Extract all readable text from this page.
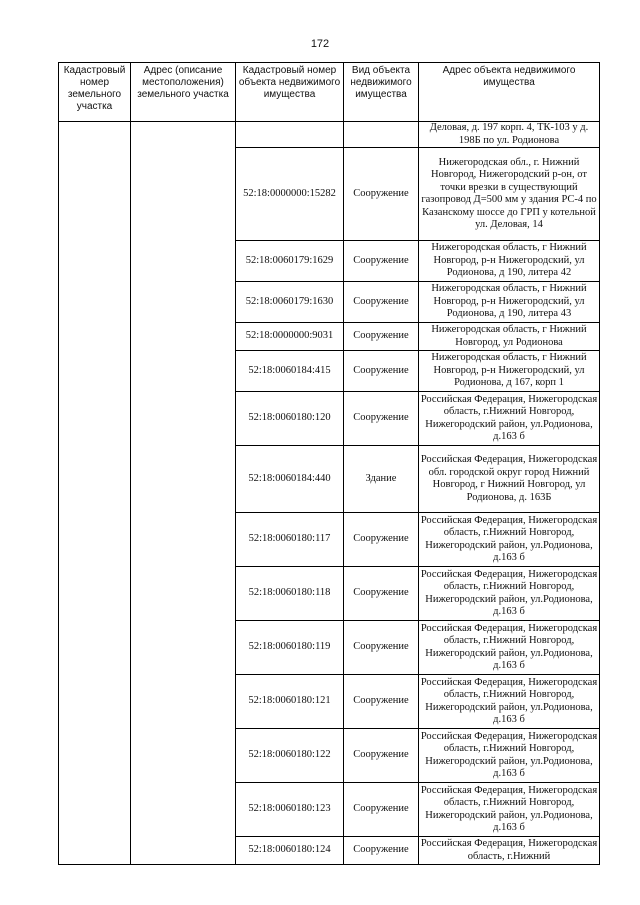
172
Кадастровый номер земельного участка	Адрес (описание местоположения) земельного участка	Кадастровый номер объекта недвижимого имущества	Вид объекта недвижимого имущества	Адрес объекта недвижимого имущества
				Деловая, д. 197 корп. 4, ТК-103 у д. 198Б по ул. Родионова
		52:18:0000000:15282	Сооружение	Нижегородская обл., г. Нижний Новгород, Нижегородский р-он, от точки врезки в существующий газопровод Д=500 мм у здания РС-4 по Казанскому шоссе до ГРП у котельной ул. Деловая, 14
		52:18:0060179:1629	Сооружение	Нижегородская область, г Нижний Новгород, р-н Нижегородский, ул Родионова, д 190, литера 42
		52:18:0060179:1630	Сооружение	Нижегородская область, г Нижний Новгород, р-н Нижегородский, ул Родионова, д 190, литера 43
		52:18:0000000:9031	Сооружение	Нижегородская область, г Нижний Новгород, ул Родионова
		52:18:0060184:415	Сооружение	Нижегородская область, г Нижний Новгород, р-н Нижегородский, ул Родионова, д 167, корп 1
		52:18:0060180:120	Сооружение	Российская Федерация, Нижегородская область, г.Нижний Новгород, Нижегородский район, ул.Родионова, д.163 б
		52:18:0060184:440	Здание	Российская Федерация, Нижегородская обл. городской округ город Нижний Новгород, г Нижний Новгород, ул Родионова, д. 163Б
		52:18:0060180:117	Сооружение	Российская Федерация, Нижегородская область, г.Нижний Новгород, Нижегородский район, ул.Родионова, д.163 б
		52:18:0060180:118	Сооружение	Российская Федерация, Нижегородская область, г.Нижний Новгород, Нижегородский район, ул.Родионова, д.163 б
		52:18:0060180:119	Сооружение	Российская Федерация, Нижегородская область, г.Нижний Новгород, Нижегородский район, ул.Родионова, д.163 б
		52:18:0060180:121	Сооружение	Российская Федерация, Нижегородская область, г.Нижний Новгород, Нижегородский район, ул.Родионова, д.163 б
		52:18:0060180:122	Сооружение	Российская Федерация, Нижегородская область, г.Нижний Новгород, Нижегородский район, ул.Родионова, д.163 б
		52:18:0060180:123	Сооружение	Российская Федерация, Нижегородская область, г.Нижний Новгород, Нижегородский район, ул.Родионова, д.163 б
		52:18:0060180:124	Сооружение	Российская Федерация, Нижегородская область, г.Нижний
